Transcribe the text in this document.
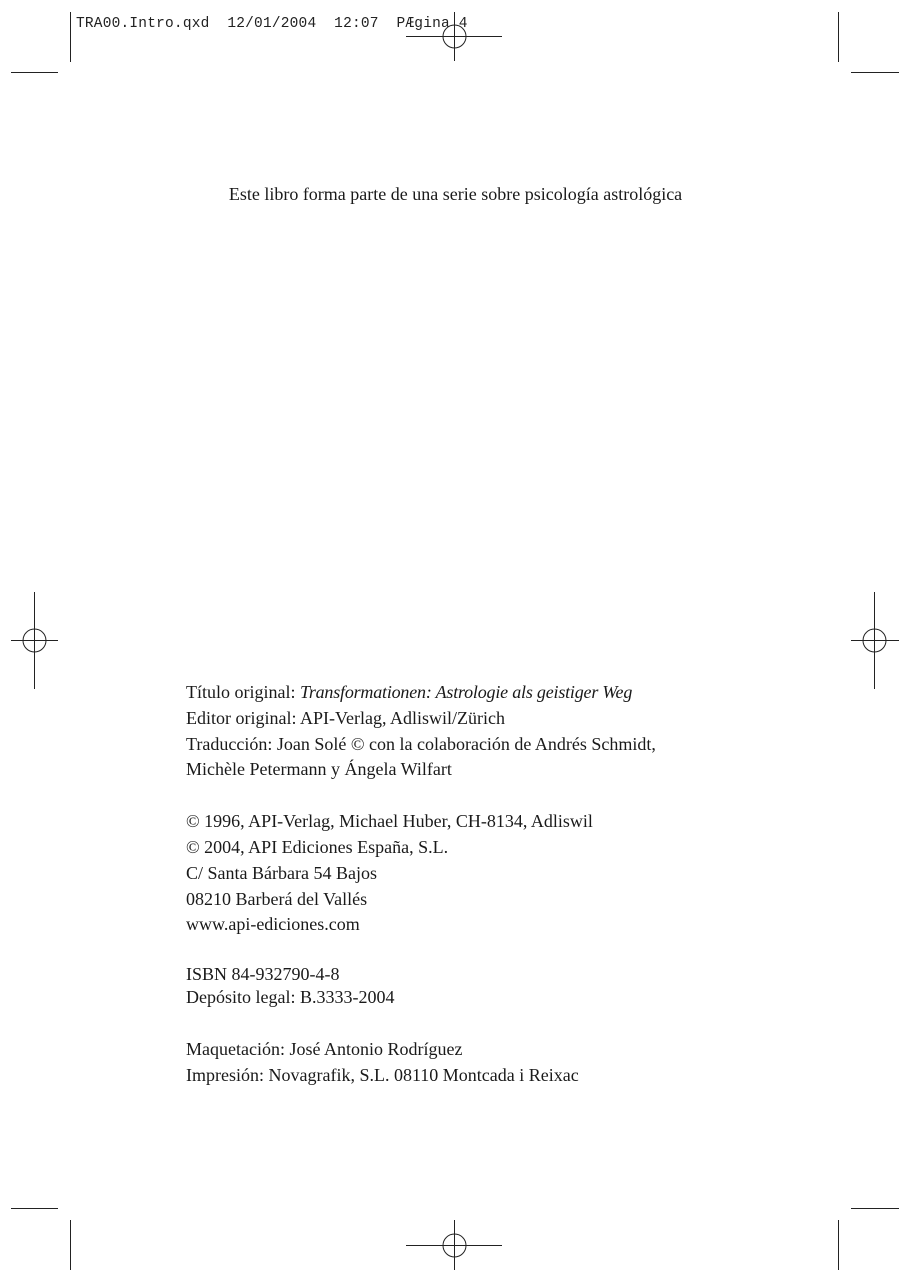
TRA00.Intro.qxd 12/01/2004 12:07 PÆgina 4
Este libro forma parte de una serie sobre psicología astrológica
Título original: Transformationen: Astrologie als geistiger Weg
Editor original: API-Verlag, Adliswil/Zürich
Traducción: Joan Solé © con la colaboración de Andrés Schmidt,
Michèle Petermann y Ángela Wilfart
© 1996, API-Verlag, Michael Huber, CH-8134, Adliswil
© 2004, API Ediciones España, S.L.
C/ Santa Bárbara 54 Bajos
08210 Barberá del Vallés
www.api-ediciones.com
ISBN 84-932790-4-8
Depósito legal: B.3333-2004
Maquetación: José Antonio Rodríguez
Impresión: Novagrafik, S.L. 08110 Montcada i Reixac
